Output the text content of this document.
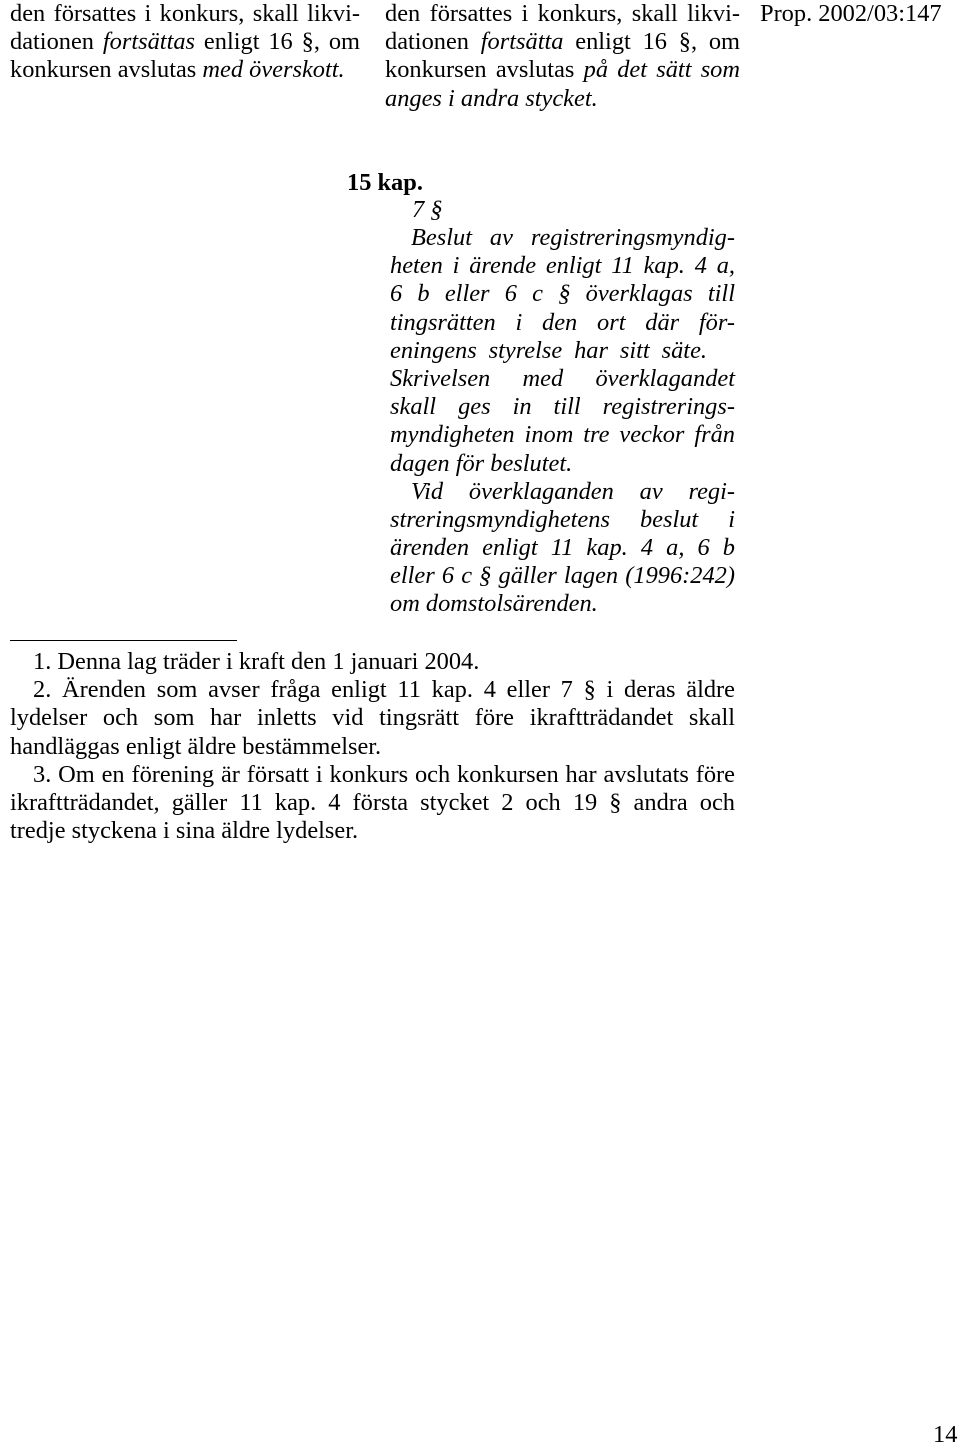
den försattes i konkurs, skall likvi-
dationen fortsättas enligt 16 §, om
konkursen avslutas med överskott.
den försattes i konkurs, skall likvi-
dationen fortsätta enligt 16 §, om
konkursen avslutas på det sätt som
anges i andra stycket.
Prop. 2002/03:147
15 kap.
7 §
Beslut av registreringsmyndig-
heten i ärende enligt 11 kap. 4 a,
6 b eller 6 c § överklagas till
tingsrätten i den ort där för-
eningens styrelse har sitt säte.
Skrivelsen med överklagandet
skall ges in till registrerings-
myndigheten inom tre veckor från
dagen för beslutet.
Vid överklaganden av regi-
streringsmyndighetens beslut i
ärenden enligt 11 kap. 4 a, 6 b
eller 6 c § gäller lagen (1996:242)
om domstolsärenden.
1. Denna lag träder i kraft den 1 januari 2004.
2. Ärenden som avser fråga enligt 11 kap. 4 eller 7 § i deras äldre
lydelser och som har inletts vid tingsrätt före ikraftträdandet skall
handläggas enligt äldre bestämmelser.
3. Om en förening är försatt i konkurs och konkursen har avslutats före
ikraftträdandet, gäller 11 kap. 4 första stycket 2 och 19 § andra och
tredje styckena i sina äldre lydelser.
14
